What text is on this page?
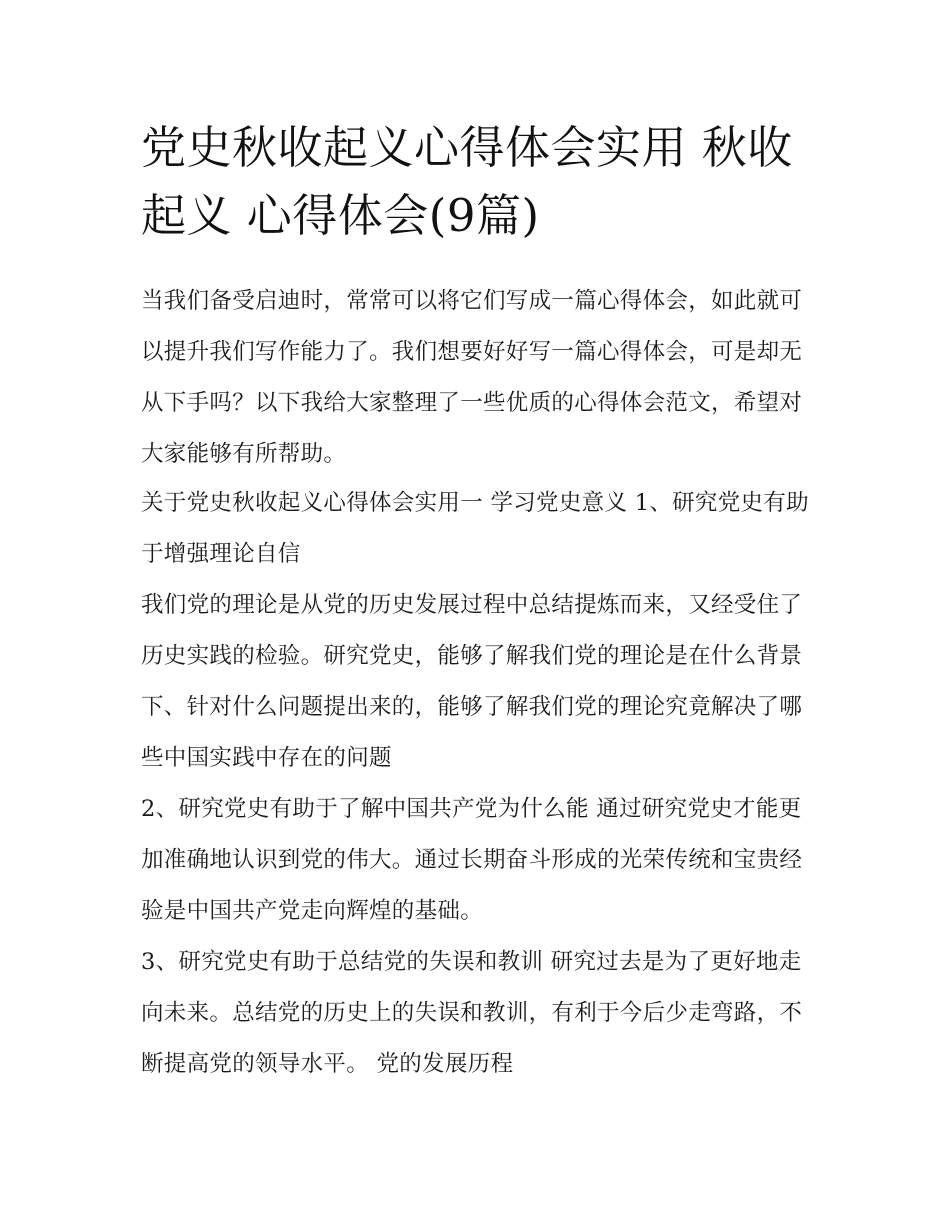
党史秋收起义心得体会实用 秋收起义 心得体会(9篇)

当我们备受启迪时，常常可以将它们写成一篇心得体会，如此就可以提升我们写作能力了。我们想要好好写一篇心得体会，可是却无从下手吗？以下我给大家整理了一些优质的心得体会范文，希望对大家能够有所帮助。

关于党史秋收起义心得体会实用一 学习党史意义 1、研究党史有助于增强理论自信

我们党的理论是从党的历史发展过程中总结提炼而来，又经受住了历史实践的检验。研究党史，能够了解我们党的理论是在什么背景下、针对什么问题提出来的，能够了解我们党的理论究竟解决了哪些中国实践中存在的问题

2、研究党史有助于了解中国共产党为什么能 通过研究党史才能更加准确地认识到党的伟大。通过长期奋斗形成的光荣传统和宝贵经验是中国共产党走向辉煌的基础。

3、研究党史有助于总结党的失误和教训 研究过去是为了更好地走向未来。总结党的历史上的失误和教训，有利于今后少走弯路，不断提高党的领导水平。 党的发展历程
